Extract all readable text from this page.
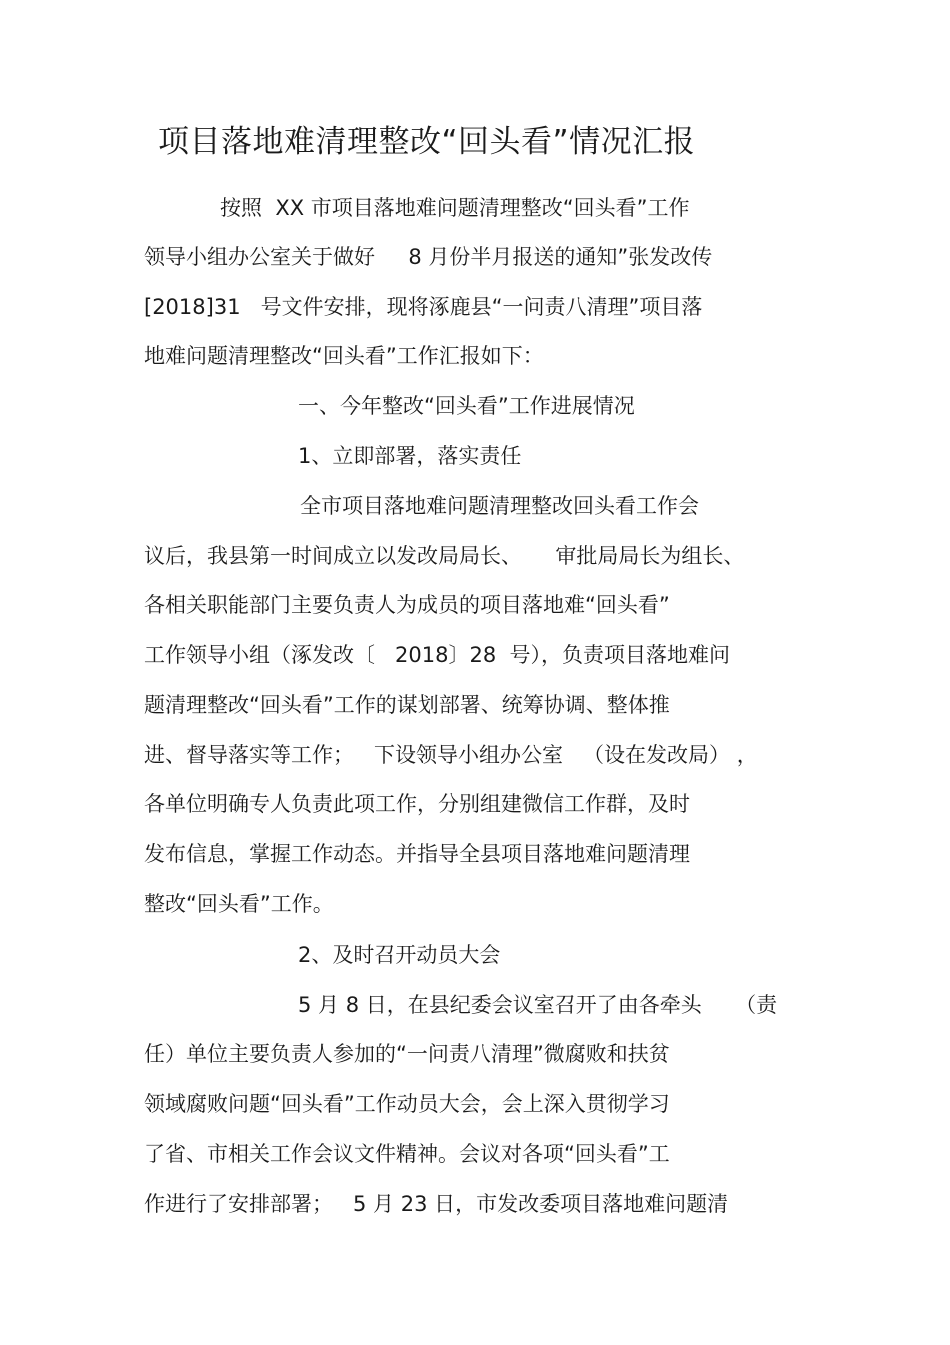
项目落地难清理整改“回头看”情况汇报
按照  XX 市项目落地难问题清理整改“回头看”工作
领导小组办公室关于做好     8 月份半月报送的通知”张发改传
[2018]31   号文件安排，现将涿鹿县“一问责八清理”项目落
地难问题清理整改“回头看”工作汇报如下：
一、今年整改“回头看”工作进展情况
1、立即部署，落实责任
全市项目落地难问题清理整改回头看工作会
议后，我县第一时间成立以发改局局长、     审批局局长为组长、
各相关职能部门主要负责人为成员的项目落地难“回头看”
工作领导小组（涿发改〔   2018〕28  号），负责项目落地难问
题清理整改“回头看”工作的谋划部署、统筹协调、整体推
进、督导落实等工作；   下设领导小组办公室   （设在发改局） ，
各单位明确专人负责此项工作，分别组建微信工作群，及时
发布信息，掌握工作动态。并指导全县项目落地难问题清理
整改“回头看”工作。
2、及时召开动员大会
5 月 8 日，在县纪委会议室召开了由各牵头     （责
任）单位主要负责人参加的“一问责八清理”微腐败和扶贫
领域腐败问题“回头看”工作动员大会，会上深入贯彻学习
了省、市相关工作会议文件精神。会议对各项“回头看”工
作进行了安排部署；   5 月 23 日，市发改委项目落地难问题清
